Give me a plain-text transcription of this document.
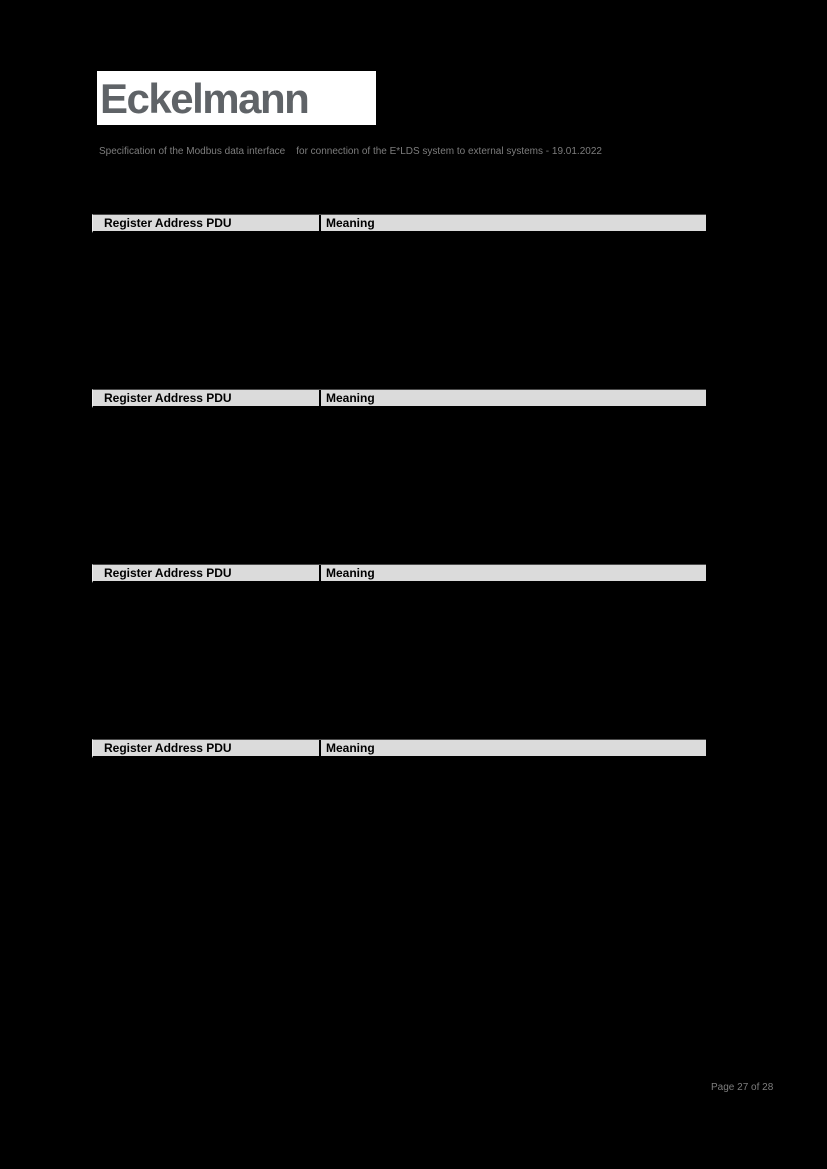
Eckelmann
Specification of the Modbus data interface for connection of the E*LDS system to external systems - 19.01.2022
Register Address PDU	Meaning
Register Address PDU	Meaning
Register Address PDU	Meaning
Register Address PDU	Meaning
Page 27 of 28
